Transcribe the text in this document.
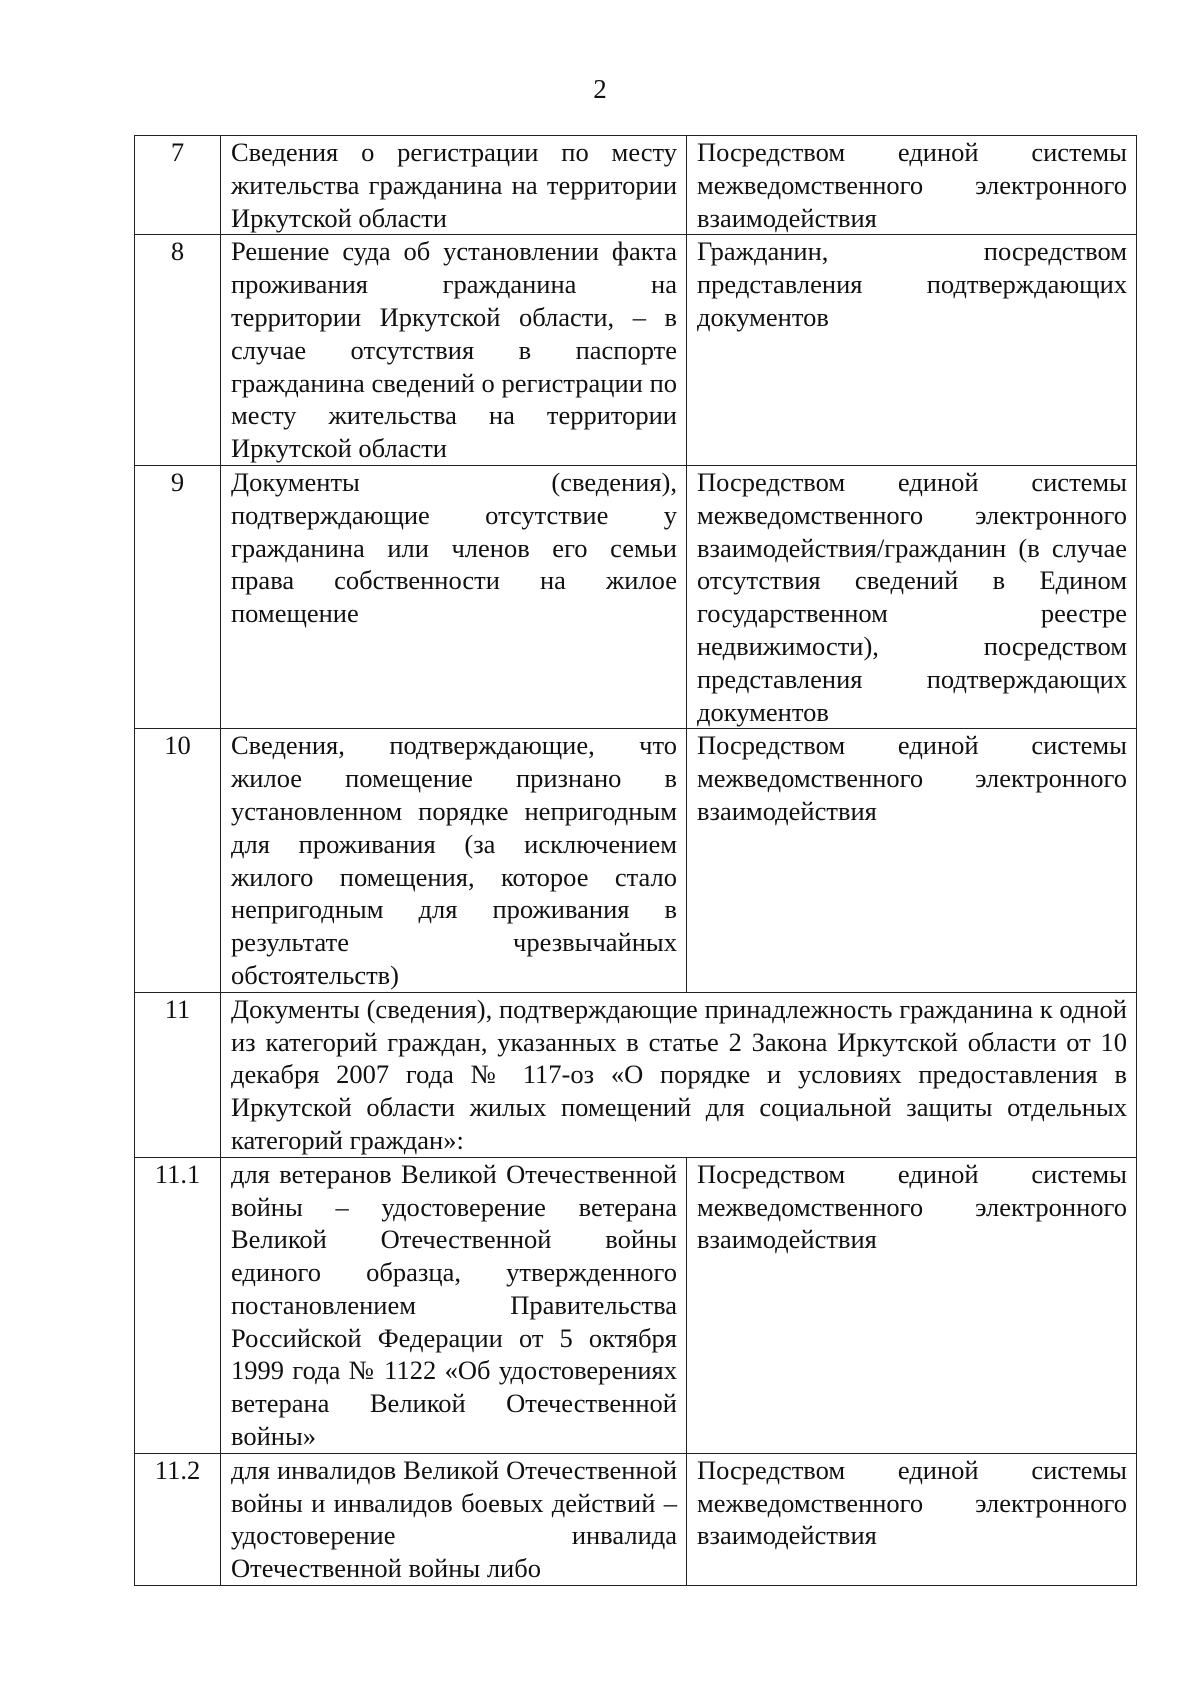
2
7	Сведения о регистрации по месту жительства гражданина на территории Иркутской области	Посредством единой системы межведомственного электронного взаимодействия
8	Решение суда об установлении факта проживания гражданина на территории Иркутской области, – в случае отсутствия в паспорте гражданина сведений о регистрации по месту жительства на территории Иркутской области	Гражданин, посредством представления подтверждающих документов
9	Документы (сведения), подтверждающие отсутствие у гражданина или членов его семьи права собственности на жилое помещение	Посредством единой системы межведомственного электронного взаимодействия/гражданин (в случае отсутствия сведений в Едином государственном реестре недвижимости), посредством представления подтверждающих документов
10	Сведения, подтверждающие, что жилое помещение признано в установленном порядке непригодным для проживания (за исключением жилого помещения, которое стало непригодным для проживания в результате чрезвычайных обстоятельств)	Посредством единой системы межведомственного электронного взаимодействия
11	Документы (сведения), подтверждающие принадлежность гражданина к одной из категорий граждан, указанных в статье 2 Закона Иркутской области от 10 декабря 2007 года № 117-оз «О порядке и условиях предоставления в Иркутской области жилых помещений для социальной защиты отдельных категорий граждан»:	
11.1	для ветеранов Великой Отечественной войны – удостоверение ветерана Великой Отечественной войны единого образца, утвержденного постановлением Правительства Российской Федерации от 5 октября 1999 года № 1122 «Об удостоверениях ветерана Великой Отечественной войны»	Посредством единой системы межведомственного электронного взаимодействия
11.2	для инвалидов Великой Отечественной войны и инвалидов боевых действий – удостоверение инвалида Отечественной войны либо	Посредством единой системы межведомственного электронного взаимодействия
